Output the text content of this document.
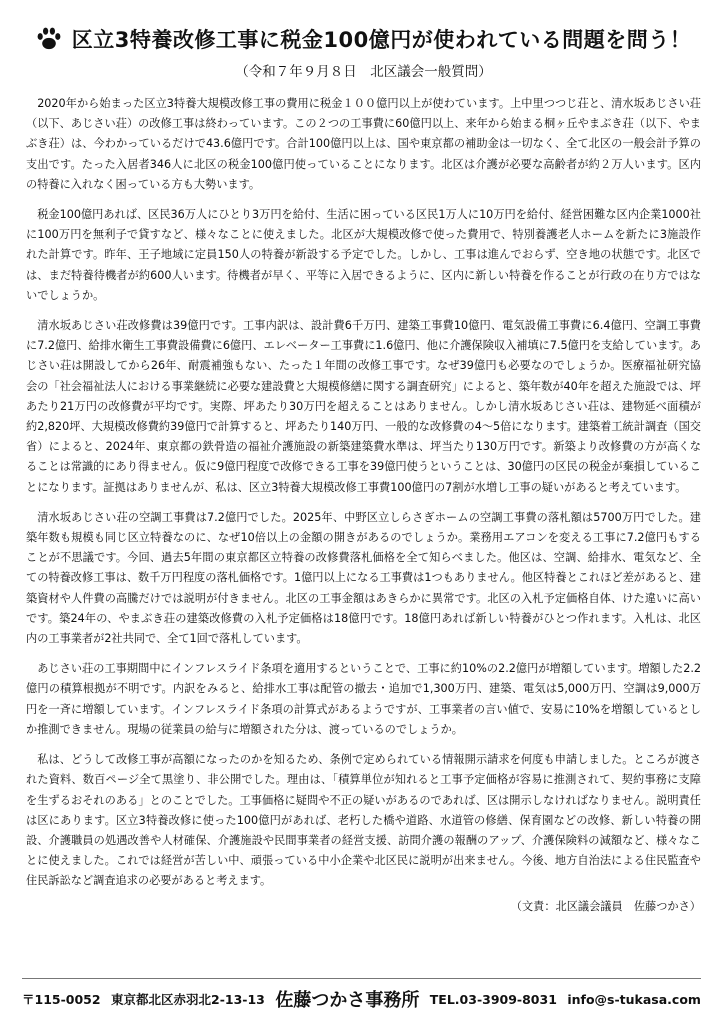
区立3特養改修工事に税金100億円が使われている問題を問う！
（令和７年９月８日　北区議会一般質問）

2020年から始まった区立3特養大規模改修工事の費用に税金１００億円以上が使わています。上中里つつじ荘と、清水坂あじさい荘（以下、あじさい荘）の改修工事は終わっています。この２つの工事費に60億円以上、来年から始まる桐ヶ丘やまぶき荘（以下、やまぶき荘）は、今わかっているだけで43.6億円です。合計100億円以上は、国や東京都の補助金は一切なく、全て北区の一般会計予算の支出です。たった入居者346人に北区の税金100億円使っていることになります。北区は介護が必要な高齢者が約２万人います。区内の特養に入れなく困っている方も大勢います。

税金100億円あれば、区民36万人にひとり3万円を給付、生活に困っている区民1万人に10万円を給付、経営困難な区内企業1000社に100万円を無利子で貸すなど、様々なことに使えました。北区が大規模改修で使った費用で、特別養護老人ホームを新たに3施設作れた計算です。昨年、王子地域に定員150人の特養が新設する予定でした。しかし、工事は進んでおらず、空き地の状態です。北区では、まだ特養待機者が約600人います。待機者が早く、平等に入居できるように、区内に新しい特養を作ることが行政の在り方ではないでしょうか。

清水坂あじさい荘改修費は39億円です。工事内訳は、設計費6千万円、建築工事費10億円、電気設備工事費に6.4億円、空調工事費に7.2億円、給排水衛生工事費設備費に6億円、エレベーター工事費に1.6億円、他に介護保険収入補填に7.5億円を支給しています。あじさい荘は開設してから26年、耐震補強もない、たった１年間の改修工事です。なぜ39億円も必要なのでしょうか。医療福祉研究協会の「社会福祉法人における事業継続に必要な建設費と大規模修繕に関する調査研究」によると、築年数が40年を超えた施設では、坪あたり21万円の改修費が平均です。実際、坪あたり30万円を超えることはありません。しかし清水坂あじさい荘は、建物延べ面積が約2,820坪、大規模改修費約39億円で計算すると、坪あたり140万円、一般的な改修費の4〜5倍になります。建築着工統計調査（国交省）によると、2024年、東京都の鉄骨造の福祉介護施設の新築建築費水準は、坪当たり130万円です。新築より改修費の方が高くなることは常識的にあり得ません。仮に9億円程度で改修できる工事を39億円使うということは、30億円の区民の税金が棄損していることになります。証拠はありませんが、私は、区立3特養大規模改修工事費100億円の7割が水増し工事の疑いがあると考えています。

清水坂あじさい荘の空調工事費は7.2億円でした。2025年、中野区立しらさぎホームの空調工事費の落札額は5700万円でした。建築年数も規模も同じ区立特養なのに、なぜ10倍以上の金額の開きがあるのでしょうか。業務用エアコンを変える工事に7.2億円もすることが不思議です。今回、過去5年間の東京都区立特養の改修費落札価格を全て知らべました。他区は、空調、給排水、電気など、全ての特養改修工事は、数千万円程度の落札価格です。1億円以上になる工事費は1つもありません。他区特養とこれほど差があると、建築資材や人件費の高騰だけでは説明が付きません。北区の工事金額はあきらかに異常です。北区の入札予定価格自体、けた違いに高いです。築24年の、やまぶき荘の建築改修費の入札予定価格は18億円です。18億円あれば新しい特養がひとつ作れます。入札は、北区内の工事業者が2社共同で、全て1回で落札しています。

あじさい荘の工事期間中にインフレスライド条項を適用するということで、工事に約10%の2.2億円が増額しています。増額した2.2億円の積算根拠が不明です。内訳をみると、給排水工事は配管の撤去・追加で1,300万円、建築、電気は5,000万円、空調は9,000万円を一斉に増額しています。インフレスライド条項の計算式があるようですが、工事業者の言い値で、安易に10%を増額しているとしか推測できません。現場の従業員の給与に増額された分は、渡っているのでしょうか。

私は、どうして改修工事が高額になったのかを知るため、条例で定められている情報開示請求を何度も申請しました。ところが渡された資料、数百ページ全て黒塗り、非公開でした。理由は、「積算単位が知れると工事予定価格が容易に推測されて、契約事務に支障を生ずるおそれのある」とのことでした。工事価格に疑問や不正の疑いがあるのであれば、区は開示しなければなりません。説明責任は区にあります。区立3特養改修に使った100億円があれば、老朽した橋や道路、水道管の修繕、保育園などの改修、新しい特養の開設、介護職員の処遇改善や人材確保、介護施設や民間事業者の経営支援、訪問介護の報酬のアップ、介護保険料の減額など、様々なことに使えました。これでは経営が苦しい中、頑張っている中小企業や北区民に説明が出来ません。今後、地方自治法による住民監査や住民訴訟など調査追求の必要があると考えます。

（文責：北区議会議員　佐藤つかさ）
〒115-0052 東京都北区赤羽北2-13-13 佐藤つかさ事務所 TEL.03-3909-8031 info@s-tukasa.com
